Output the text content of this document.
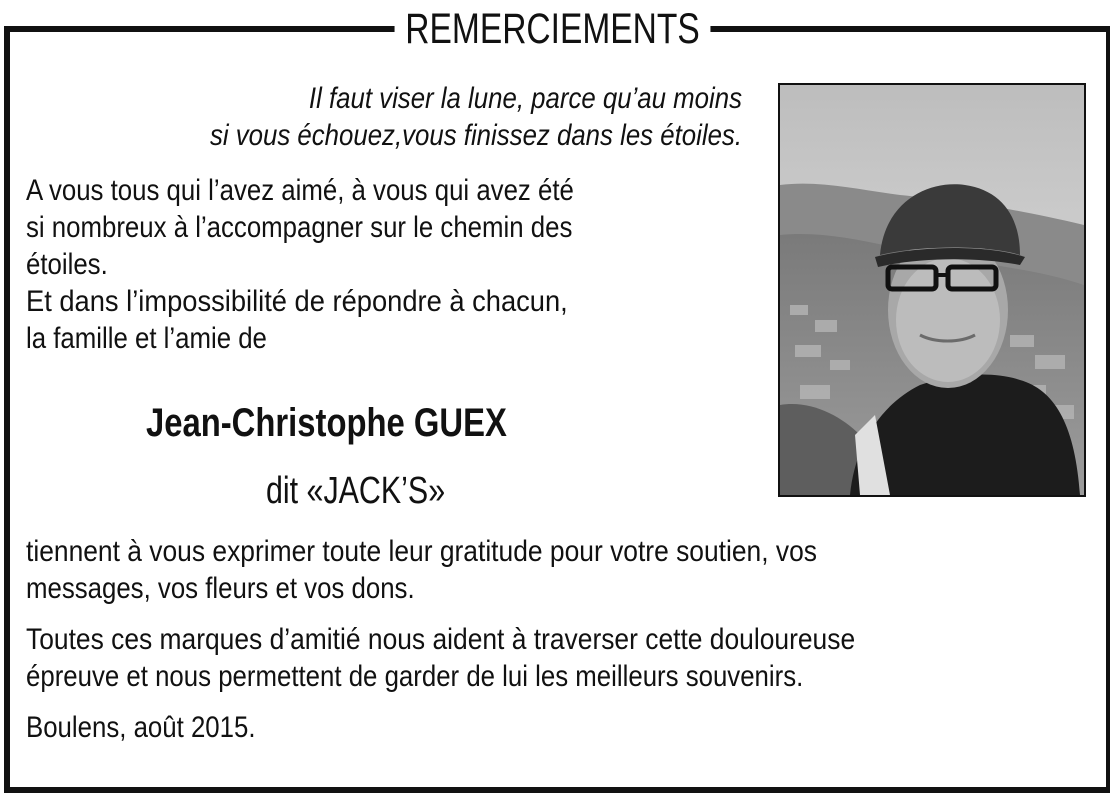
REMERCIEMENTS
Il faut viser la lune, parce qu’au moins
si vous échouez,vous finissez dans les étoiles.
A vous tous qui l’avez aimé, à vous qui avez été
si nombreux à l’accompagner sur le chemin des
étoiles.
Et dans l’impossibilité de répondre à chacun,
la famille et l’amie de
Jean-Christophe GUEX
dit «JACK’S»
tiennent à vous exprimer toute leur gratitude pour votre soutien, vos
messages, vos fleurs et vos dons.
Toutes ces marques d’amitié nous aident à traverser cette douloureuse
épreuve et nous permettent de garder de lui les meilleurs souvenirs.
Boulens, août 2015.
